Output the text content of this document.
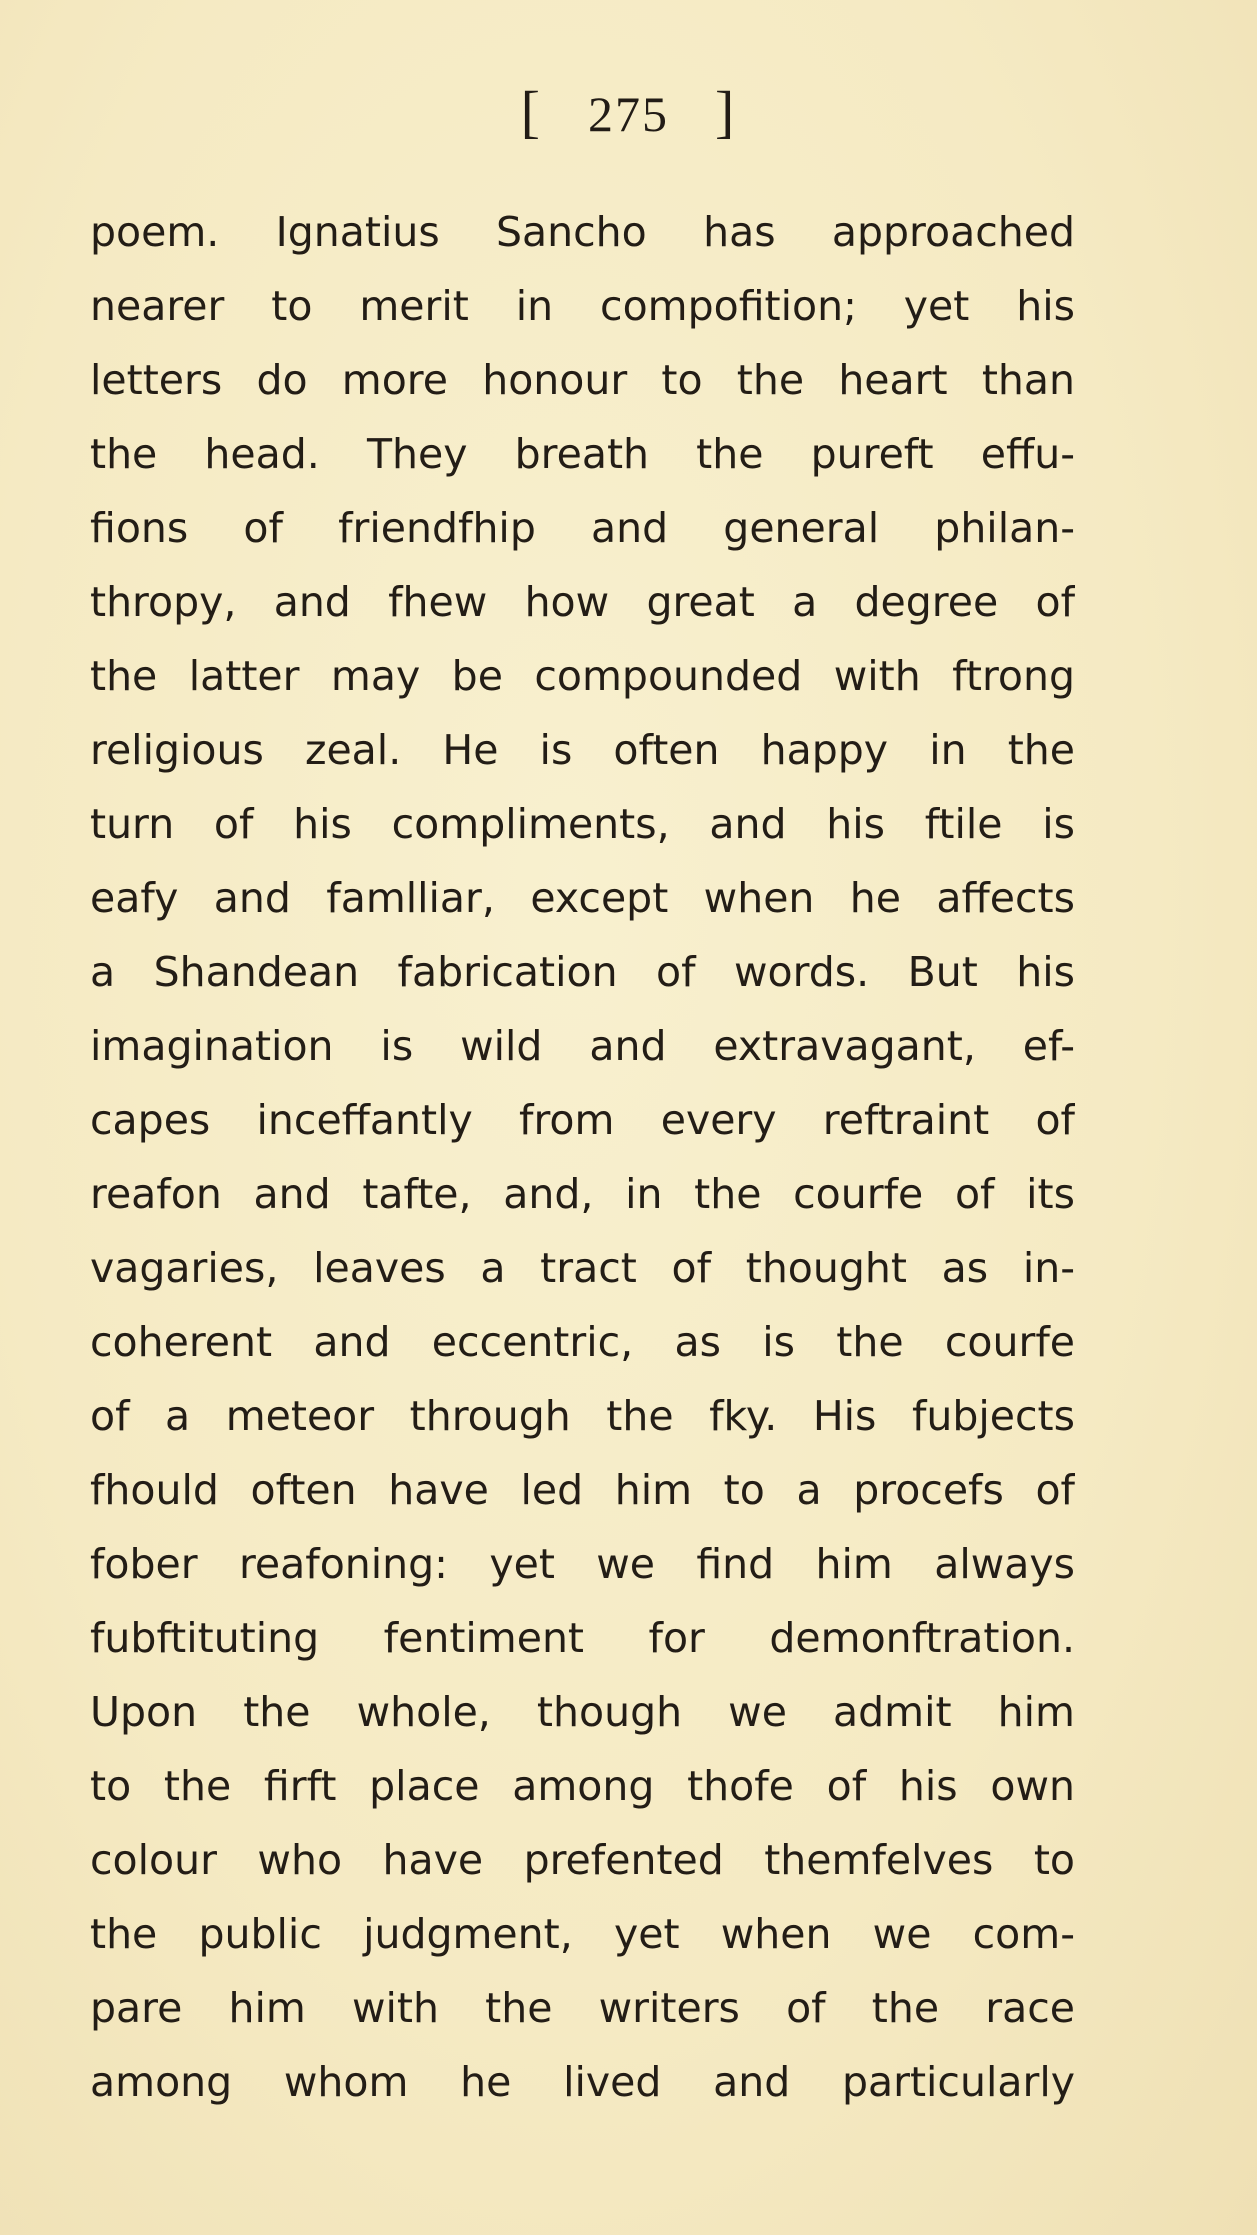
[ 275 ]
poem. Ignatius Sancho has approached
nearer to merit in compofition; yet his
letters do more honour to the heart than
the head. They breath the pureft effu-
fions of friendfhip and general philan-
thropy, and fhew how great a degree of
the latter may be compounded with ftrong
religious zeal. He is often happy in the
turn of his compliments, and his ftile is
eafy and famlliar, except when he affects
a Shandean fabrication of words. But his
imagination is wild and extravagant, ef-
capes inceffantly from every reftraint of
reafon and tafte, and, in the courfe of its
vagaries, leaves a tract of thought as in-
coherent and eccentric, as is the courfe
of a meteor through the fky. His fubjects
fhould often have led him to a procefs of
fober reafoning: yet we find him always
fubftituting fentiment for demonftration.
Upon the whole, though we admit him
to the firft place among thofe of his own
colour who have prefented themfelves to
the public judgment, yet when we com-
pare him with the writers of the race
among whom he lived and particularly
